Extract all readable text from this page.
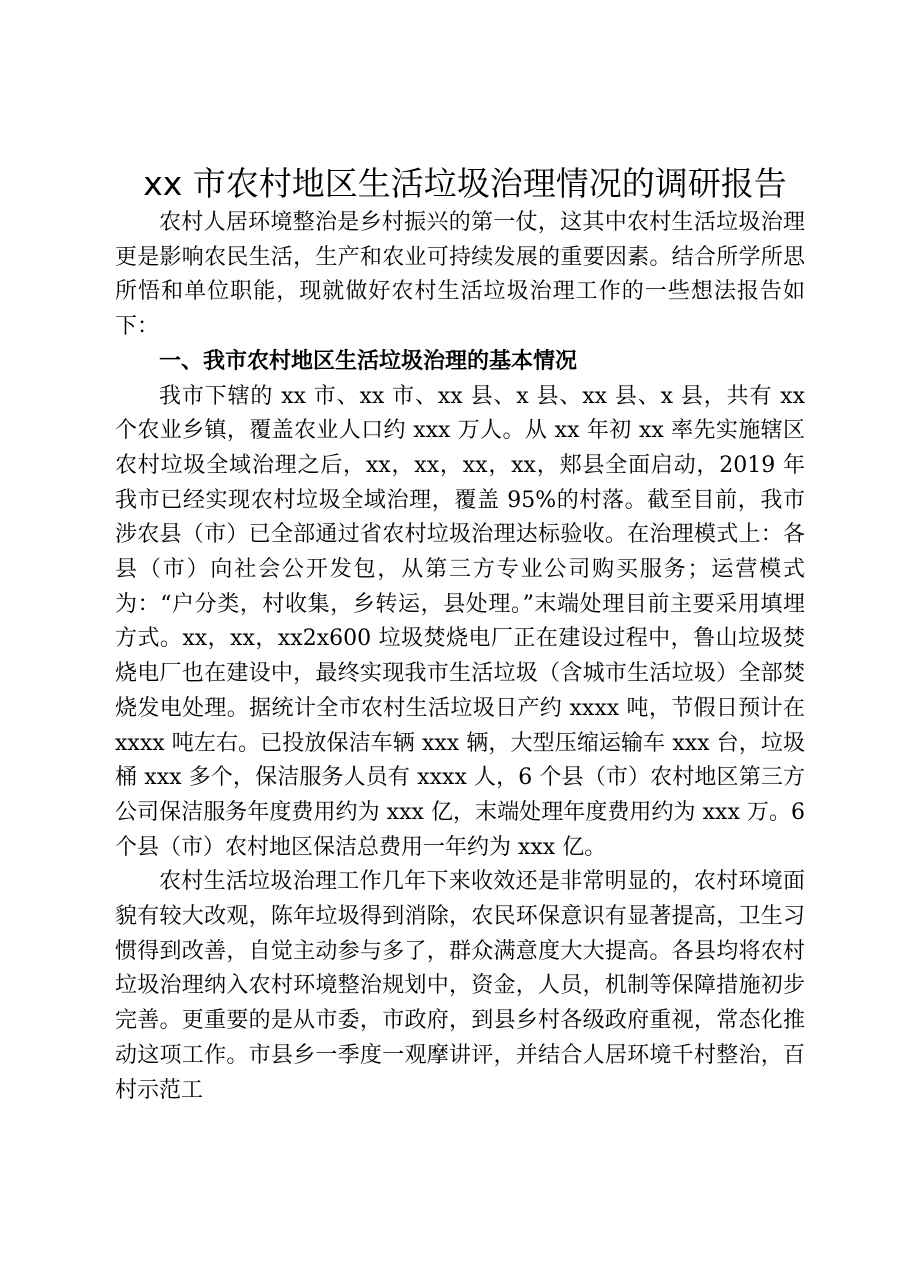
xx 市农村地区生活垃圾治理情况的调研报告

农村人居环境整治是乡村振兴的第一仗，这其中农村生活垃圾治理更是影响农民生活，生产和农业可持续发展的重要因素。结合所学所思所悟和单位职能，现就做好农村生活垃圾治理工作的一些想法报告如下：

一、我市农村地区生活垃圾治理的基本情况

我市下辖的 xx 市、xx 市、xx 县、x 县、xx 县、x 县，共有 xx 个农业乡镇，覆盖农业人口约 xxx 万人。从 xx 年初 xx 率先实施辖区农村垃圾全域治理之后，xx，xx，xx，xx，郏县全面启动，2019 年我市已经实现农村垃圾全域治理，覆盖 95%的村落。截至目前，我市涉农县（市）已全部通过省农村垃圾治理达标验收。在治理模式上：各县（市）向社会公开发包，从第三方专业公司购买服务；运营模式为：“户分类，村收集，乡转运，县处理。”末端处理目前主要采用填埋方式。xx，xx，xx2x600 垃圾焚烧电厂正在建设过程中，鲁山垃圾焚烧电厂也在建设中，最终实现我市生活垃圾（含城市生活垃圾）全部焚烧发电处理。据统计全市农村生活垃圾日产约 xxxx 吨，节假日预计在 xxxx 吨左右。已投放保洁车辆 xxx 辆，大型压缩运输车 xxx 台，垃圾桶 xxx 多个，保洁服务人员有 xxxx 人，6 个县（市）农村地区第三方公司保洁服务年度费用约为 xxx 亿，末端处理年度费用约为 xxx 万。6 个县（市）农村地区保洁总费用一年约为 xxx 亿。

农村生活垃圾治理工作几年下来收效还是非常明显的，农村环境面貌有较大改观，陈年垃圾得到消除，农民环保意识有显著提高，卫生习惯得到改善，自觉主动参与多了，群众满意度大大提高。各县均将农村垃圾治理纳入农村环境整治规划中，资金，人员，机制等保障措施初步完善。更重要的是从市委，市政府，到县乡村各级政府重视，常态化推动这项工作。市县乡一季度一观摩讲评，并结合人居环境千村整治，百村示范工
